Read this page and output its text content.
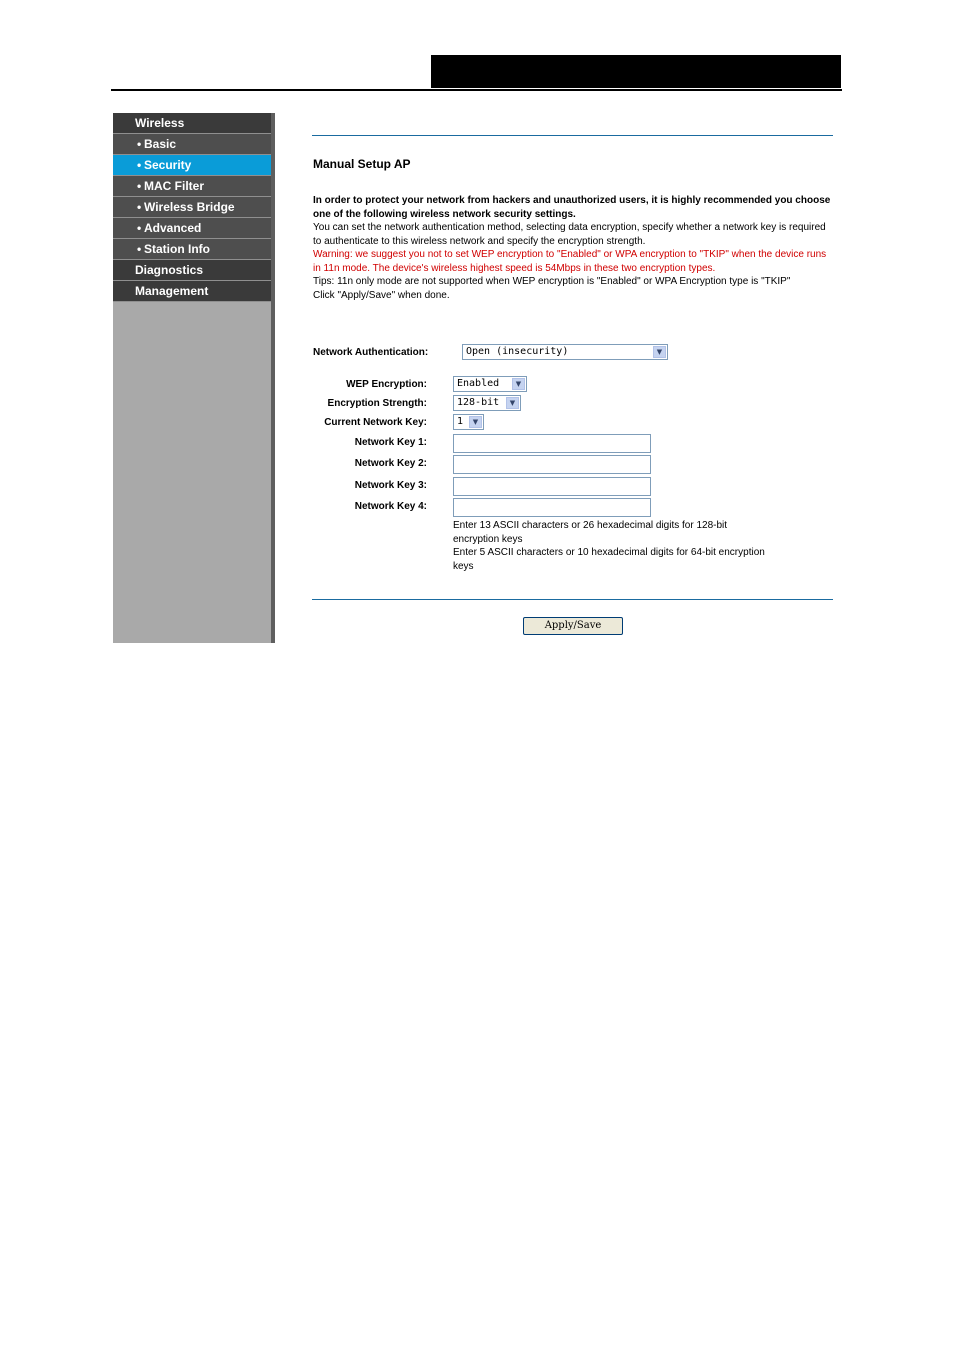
Wireless
• Basic
• Security
• MAC Filter
• Wireless Bridge
• Advanced
• Station Info
Diagnostics
Management
Manual Setup AP
In order to protect your network from hackers and unauthorized users, it is highly recommended you choose one of the following wireless network security settings.
You can set the network authentication method, selecting data encryption, specify whether a network key is required to authenticate to this wireless network and specify the encryption strength.
Warning: we suggest you not to set WEP encryption to "Enabled" or WPA encryption to "TKIP" when the device runs in 11n mode. The device's wireless highest speed is 54Mbps in these two encryption types.
Tips: 11n only mode are not supported when WEP encryption is "Enabled" or WPA Encryption type is "TKIP"
Click "Apply/Save" when done.
Network Authentication:	Open (insecurity)	▼
WEP Encryption:	Enabled	▼
Encryption Strength:	128-bit	▼
Current Network Key:	1	▼
Network Key 1:
Network Key 2:
Network Key 3:
Network Key 4:
Enter 13 ASCII characters or 26 hexadecimal digits for 128-bit encryption keys
Enter 5 ASCII characters or 10 hexadecimal digits for 64-bit encryption keys
Apply/Save
